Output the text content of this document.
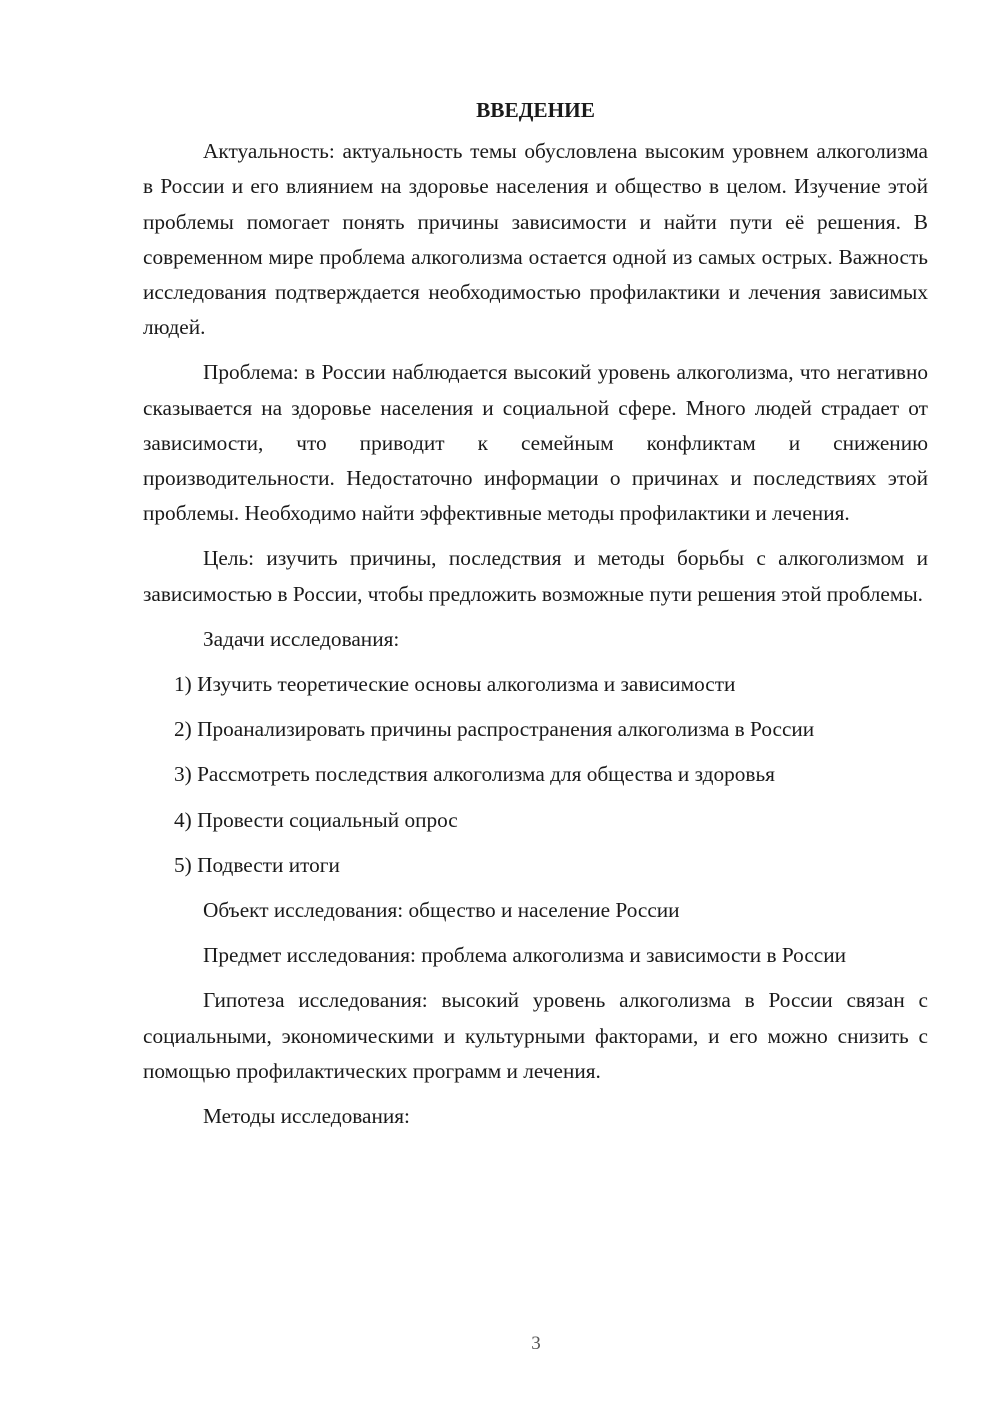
ВВЕДЕНИЕ

Актуальность: актуальность темы обусловлена высоким уровнем алкоголизма в России и его влиянием на здоровье населения и общество в целом. Изучение этой проблемы помогает понять причины зависимости и найти пути её решения. В современном мире проблема алкоголизма остается одной из самых острых. Важность исследования подтверждается необходимостью профилактики и лечения зависимых людей.

Проблема: в России наблюдается высокий уровень алкоголизма, что негативно сказывается на здоровье населения и социальной сфере. Много людей страдает от зависимости, что приводит к семейным конфликтам и снижению производительности. Недостаточно информации о причинах и последствиях этой проблемы. Необходимо найти эффективные методы профилактики и лечения.

Цель: изучить причины, последствия и методы борьбы с алкоголизмом и зависимостью в России, чтобы предложить возможные пути решения этой проблемы.

Задачи исследования:

1) Изучить теоретические основы алкоголизма и зависимости

2) Проанализировать причины распространения алкоголизма в России

3) Рассмотреть последствия алкоголизма для общества и здоровья

4) Провести социальный опрос

5) Подвести итоги

Объект исследования: общество и население России

Предмет исследования: проблема алкоголизма и зависимости в России

Гипотеза исследования: высокий уровень алкоголизма в России связан с социальными, экономическими и культурными факторами, и его можно снизить с помощью профилактических программ и лечения.

Методы исследования:

3
